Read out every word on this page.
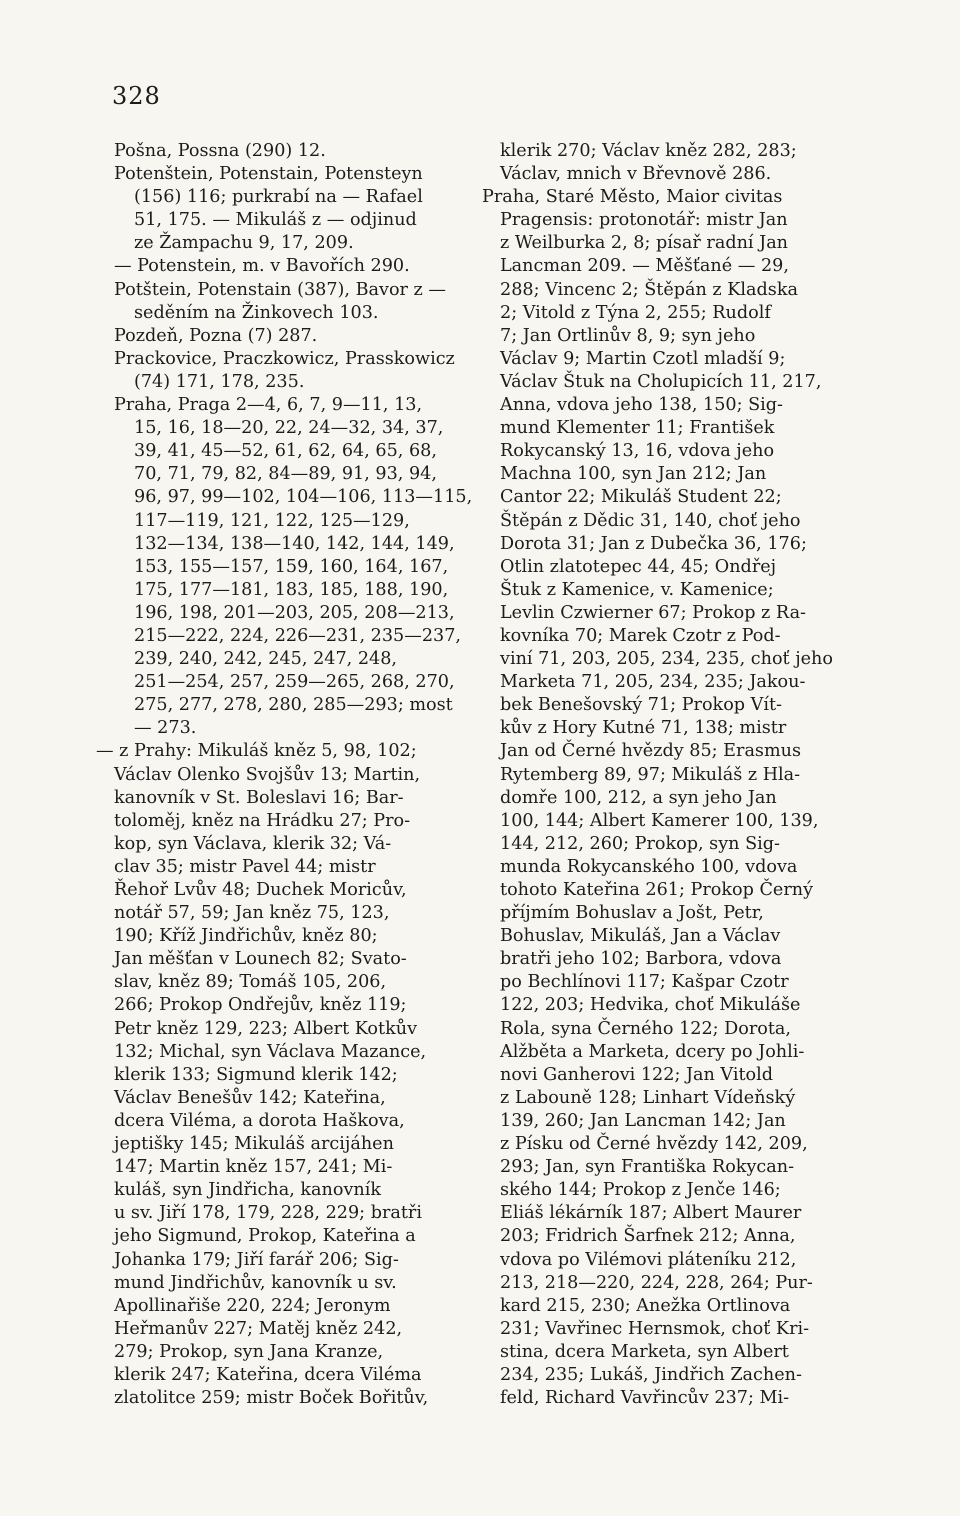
328
Pošna, Possna (290) 12.
Potenštein, Potenstain, Potensteyn
(156) 116; purkrabí na — Rafael
51, 175. — Mikuláš z — odjinud
ze Žampachu 9, 17, 209.
— Potenstein, m. v Bavořích 290.
Potštein, Potenstain (387), Bavor z —
seděním na Žinkovech 103.
Pozdeň, Pozna (7) 287.
Prackovice, Praczkowicz, Prasskowicz
(74) 171, 178, 235.
Praha, Praga 2—4, 6, 7, 9—11, 13,
15, 16, 18—20, 22, 24—32, 34, 37,
39, 41, 45—52, 61, 62, 64, 65, 68,
70, 71, 79, 82, 84—89, 91, 93, 94,
96, 97, 99—102, 104—106, 113—115,
117—119, 121, 122, 125—129,
132—134, 138—140, 142, 144, 149,
153, 155—157, 159, 160, 164, 167,
175, 177—181, 183, 185, 188, 190,
196, 198, 201—203, 205, 208—213,
215—222, 224, 226—231, 235—237,
239, 240, 242, 245, 247, 248,
251—254, 257, 259—265, 268, 270,
275, 277, 278, 280, 285—293; most
— 273.
— z Prahy: Mikuláš kněz 5, 98, 102;
Václav Olenko Svojšův 13; Martin,
kanovník v St. Boleslavi 16; Bar-
toloměj, kněz na Hrádku 27; Pro-
kop, syn Václava, klerik 32; Vá-
clav 35; mistr Pavel 44; mistr
Řehoř Lvův 48; Duchek Moricův,
notář 57, 59; Jan kněz 75, 123,
190; Kříž Jindřichův, kněz 80;
Jan měšťan v Lounech 82; Svato-
slav, kněz 89; Tomáš 105, 206,
266; Prokop Ondřejův, kněz 119;
Petr kněz 129, 223; Albert Kotkův
132; Michal, syn Václava Mazance,
klerik 133; Sigmund klerik 142;
Václav Benešův 142; Kateřina,
dcera Viléma, a dorota Haškova,
jeptišky 145; Mikuláš arcijáhen
147; Martin kněz 157, 241; Mi-
kuláš, syn Jindřicha, kanovník
u sv. Jiří 178, 179, 228, 229; bratři
jeho Sigmund, Prokop, Kateřina a
Johanka 179; Jiří farář 206; Sig-
mund Jindřichův, kanovník u sv.
Apollinařiše 220, 224; Jeronym
Heřmanův 227; Matěj kněz 242,
279; Prokop, syn Jana Kranze,
klerik 247; Kateřina, dcera Viléma
zlatolitce 259; mistr Boček Bořitův,
klerik 270; Václav kněz 282, 283;
Václav, mnich v Břevnově 286.
Praha, Staré Město, Maior civitas
Pragensis: protonotář: mistr Jan
z Weilburka 2, 8; písař radní Jan
Lancman 209. — Měšťané — 29,
288; Vincenc 2; Štěpán z Kladska
2; Vitold z Týna 2, 255; Rudolf
7; Jan Ortlinův 8, 9; syn jeho
Václav 9; Martin Czotl mladší 9;
Václav Štuk na Cholupicích 11, 217,
Anna, vdova jeho 138, 150; Sig-
mund Klementer 11; František
Rokycanský 13, 16, vdova jeho
Machna 100, syn Jan 212; Jan
Cantor 22; Mikuláš Student 22;
Štěpán z Dědic 31, 140, choť jeho
Dorota 31; Jan z Dubečka 36, 176;
Otlin zlatotepec 44, 45; Ondřej
Štuk z Kamenice, v. Kamenice;
Levlin Czwierner 67; Prokop z Ra-
kovníka 70; Marek Czotr z Pod-
viní 71, 203, 205, 234, 235, choť jeho
Marketa 71, 205, 234, 235; Jakou-
bek Benešovský 71; Prokop Vít-
kův z Hory Kutné 71, 138; mistr
Jan od Černé hvězdy 85; Erasmus
Rytemberg 89, 97; Mikuláš z Hla-
domře 100, 212, a syn jeho Jan
100, 144; Albert Kamerer 100, 139,
144, 212, 260; Prokop, syn Sig-
munda Rokycanského 100, vdova
tohoto Kateřina 261; Prokop Černý
příjmím Bohuslav a Jošt, Petr,
Bohuslav, Mikuláš, Jan a Václav
bratři jeho 102; Barbora, vdova
po Bechlínovi 117; Kašpar Czotr
122, 203; Hedvika, choť Mikuláše
Rola, syna Černého 122; Dorota,
Alžběta a Marketa, dcery po Johli-
novi Ganherovi 122; Jan Vitold
z Labouně 128; Linhart Vídeňský
139, 260; Jan Lancman 142; Jan
z Písku od Černé hvězdy 142, 209,
293; Jan, syn Františka Rokycan-
ského 144; Prokop z Jenče 146;
Eliáš lékárník 187; Albert Maurer
203; Fridrich Šarfnek 212; Anna,
vdova po Vilémovi pláteníku 212,
213, 218—220, 224, 228, 264; Pur-
kard 215, 230; Anežka Ortlinova
231; Vavřinec Hernsmok, choť Kri-
stina, dcera Marketa, syn Albert
234, 235; Lukáš, Jindřich Zachen-
feld, Richard Vavřincův 237; Mi-
